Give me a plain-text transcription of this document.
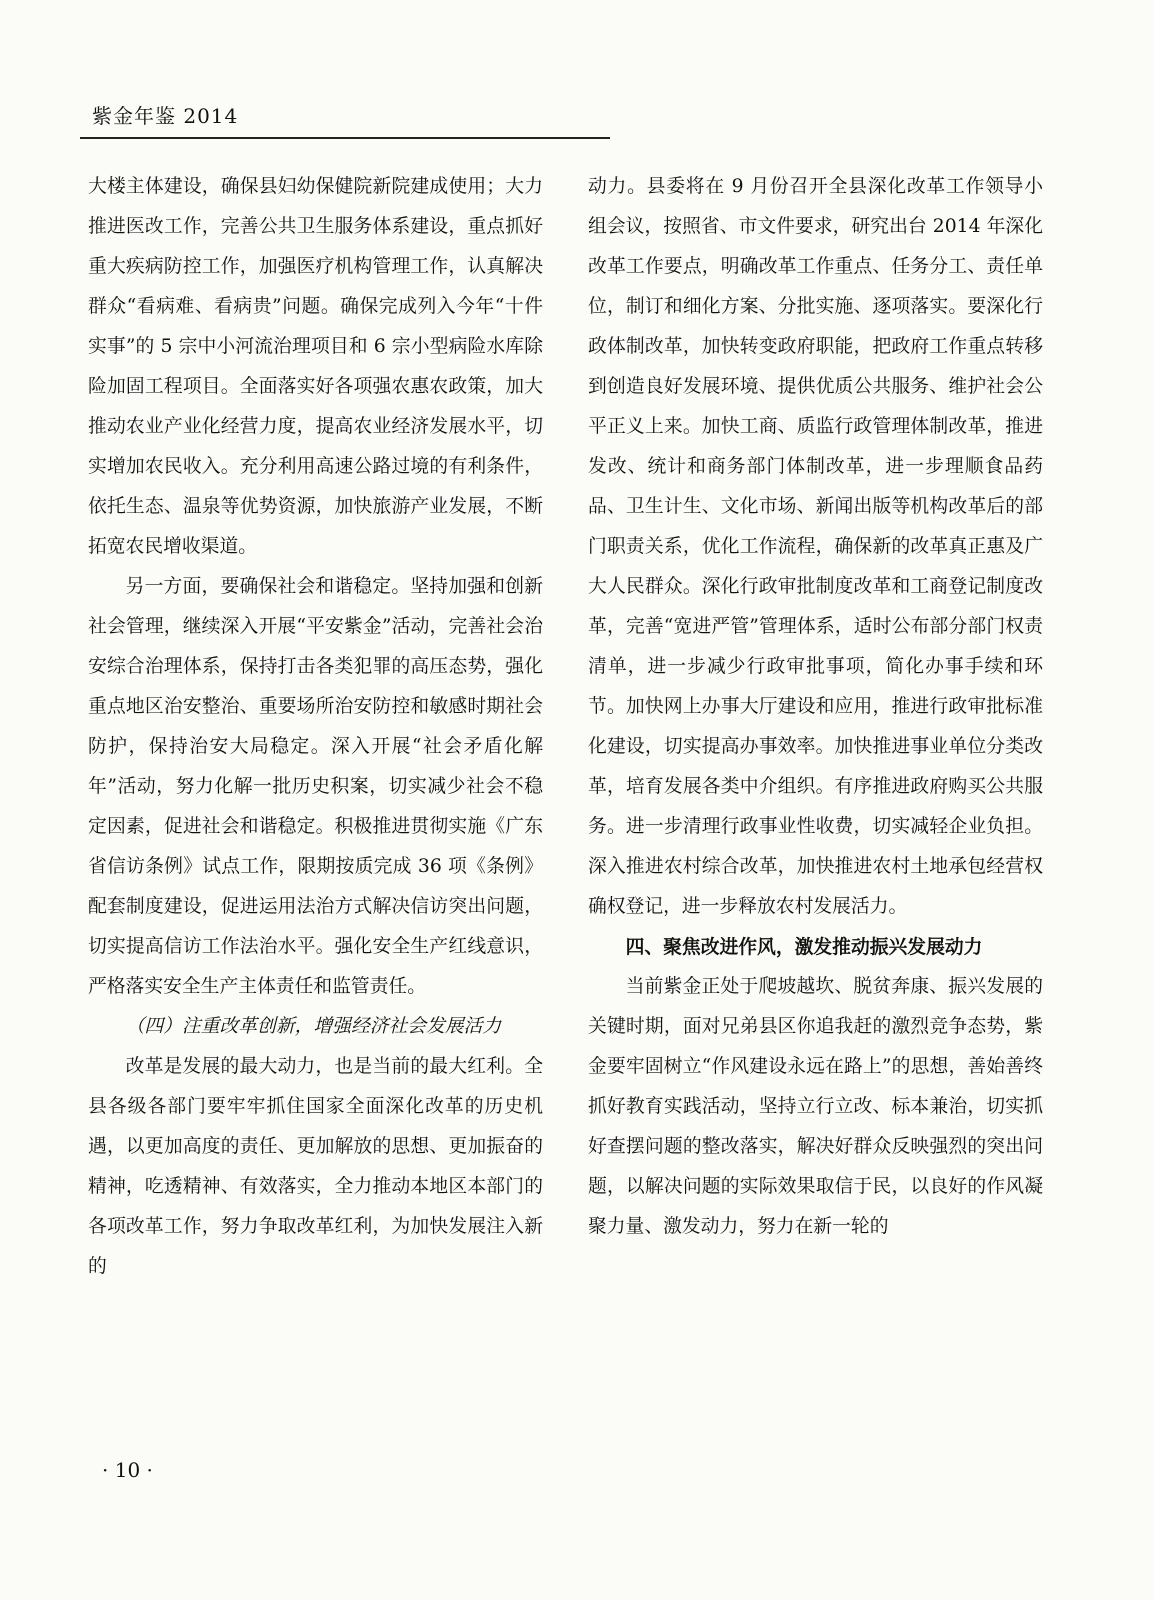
紫金年鉴 2014

大楼主体建设，确保县妇幼保健院新院建成使用；大力推进医改工作，完善公共卫生服务体系建设，重点抓好重大疾病防控工作，加强医疗机构管理工作，认真解决群众“看病难、看病贵”问题。确保完成列入今年“十件实事”的 5 宗中小河流治理项目和 6 宗小型病险水库除险加固工程项目。全面落实好各项强农惠农政策，加大推动农业产业化经营力度，提高农业经济发展水平，切实增加农民收入。充分利用高速公路过境的有利条件，依托生态、温泉等优势资源，加快旅游产业发展，不断拓宽农民增收渠道。

另一方面，要确保社会和谐稳定。坚持加强和创新社会管理，继续深入开展“平安紫金”活动，完善社会治安综合治理体系，保持打击各类犯罪的高压态势，强化重点地区治安整治、重要场所治安防控和敏感时期社会防护，保持治安大局稳定。深入开展“社会矛盾化解年”活动，努力化解一批历史积案，切实减少社会不稳定因素，促进社会和谐稳定。积极推进贯彻实施《广东省信访条例》试点工作，限期按质完成 36 项《条例》配套制度建设，促进运用法治方式解决信访突出问题，切实提高信访工作法治水平。强化安全生产红线意识，严格落实安全生产主体责任和监管责任。

（四）注重改革创新，增强经济社会发展活力

改革是发展的最大动力，也是当前的最大红利。全县各级各部门要牢牢抓住国家全面深化改革的历史机遇，以更加高度的责任、更加解放的思想、更加振奋的精神，吃透精神、有效落实，全力推动本地区本部门的各项改革工作，努力争取改革红利，为加快发展注入新的

动力。县委将在 9 月份召开全县深化改革工作领导小组会议，按照省、市文件要求，研究出台 2014 年深化改革工作要点，明确改革工作重点、任务分工、责任单位，制订和细化方案、分批实施、逐项落实。要深化行政体制改革，加快转变政府职能，把政府工作重点转移到创造良好发展环境、提供优质公共服务、维护社会公平正义上来。加快工商、质监行政管理体制改革，推进发改、统计和商务部门体制改革，进一步理顺食品药品、卫生计生、文化市场、新闻出版等机构改革后的部门职责关系，优化工作流程，确保新的改革真正惠及广大人民群众。深化行政审批制度改革和工商登记制度改革，完善“宽进严管”管理体系，适时公布部分部门权责清单，进一步减少行政审批事项，简化办事手续和环节。加快网上办事大厅建设和应用，推进行政审批标准化建设，切实提高办事效率。加快推进事业单位分类改革，培育发展各类中介组织。有序推进政府购买公共服务。进一步清理行政事业性收费，切实减轻企业负担。深入推进农村综合改革，加快推进农村土地承包经营权确权登记，进一步释放农村发展活力。

四、聚焦改进作风，激发推动振兴发展动力

当前紫金正处于爬坡越坎、脱贫奔康、振兴发展的关键时期，面对兄弟县区你追我赶的激烈竞争态势，紫金要牢固树立“作风建设永远在路上”的思想，善始善终抓好教育实践活动，坚持立行立改、标本兼治，切实抓好查摆问题的整改落实，解决好群众反映强烈的突出问题，以解决问题的实际效果取信于民，以良好的作风凝聚力量、激发动力，努力在新一轮的

· 10 ·
